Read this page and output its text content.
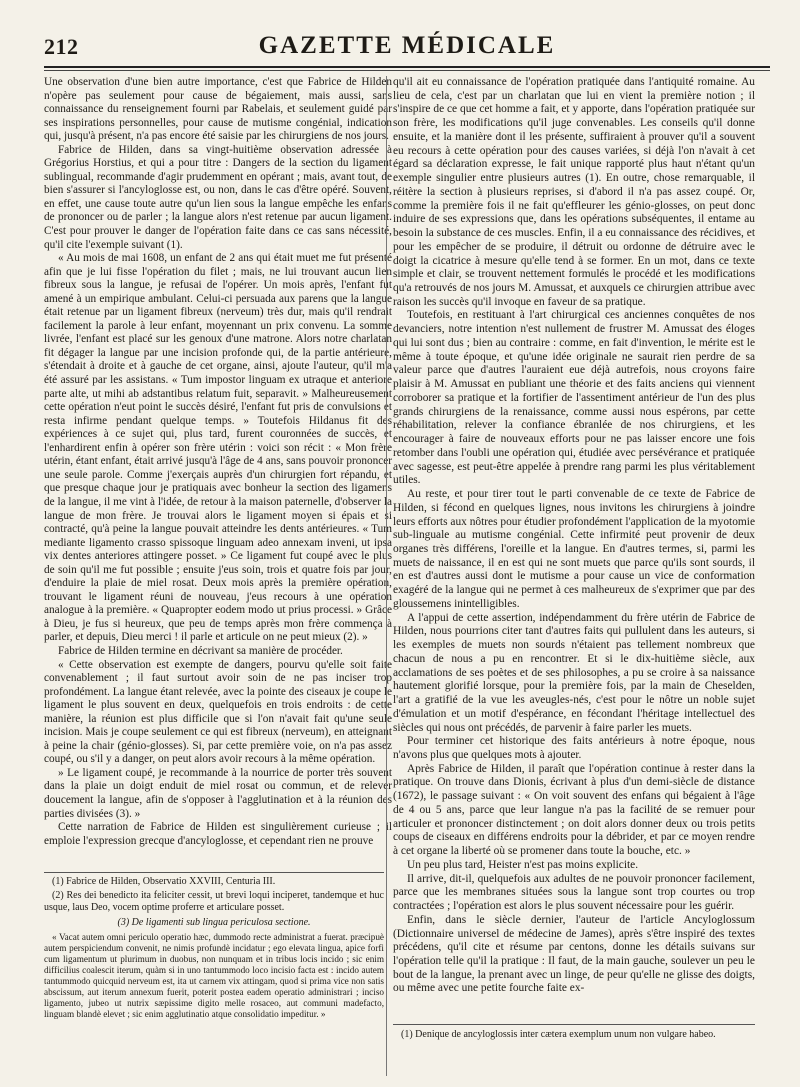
212	GAZETTE MÉDICALE

Une observation d'une bien autre importance, c'est que Fabrice de Hilden n'opère pas seulement pour cause de bégaiement, mais aussi, sans connaissance du renseignement fourni par Rabelais, et seulement guidé par ses inspirations personnelles, pour cause de mutisme congénial, indication qui, jusqu'à présent, n'a pas encore été saisie par les chirurgiens de nos jours.

Fabrice de Hilden, dans sa vingt-huitième observation adressée à Grégorius Horstius, et qui a pour titre : Dangers de la section du ligament sublingual, recommande d'agir prudemment en opérant ; mais, avant tout, de bien s'assurer si l'ancyloglosse est, ou non, dans le cas d'être opéré. Souvent, en effet, une cause toute autre qu'un lien sous la langue empêche les enfans de prononcer ou de parler ; la langue alors n'est retenue par aucun ligament. C'est pour prouver le danger de l'opération faite dans ce cas sans nécessité, qu'il cite l'exemple suivant (1).

« Au mois de mai 1608, un enfant de 2 ans qui était muet me fut présenté afin que je lui fisse l'opération du filet ; mais, ne lui trouvant aucun lien fibreux sous la langue, je refusai de l'opérer. Un mois après, l'enfant fut amené à un empirique ambulant. Celui-ci persuada aux parens que la langue était retenue par un ligament fibreux (nerveum) très dur, mais qu'il rendrait facilement la parole à leur enfant, moyennant un prix convenu. La somme livrée, l'enfant est placé sur les genoux d'une matrone. Alors notre charlatan fit dégager la langue par une incision profonde qui, de la partie antérieure, s'étendait à droite et à gauche de cet organe, ainsi, ajoute l'auteur, qu'il m'a été assuré par les assistans. « Tum impostor linguam ex utraque et anteriore parte alte, ut mihi ab adstantibus relatum fuit, separavit. » Malheureusement cette opération n'eut point le succès désiré, l'enfant fut pris de convulsions et resta infirme pendant quelque temps. » Toutefois Hildanus fit des expériences à ce sujet qui, plus tard, furent couronnées de succès, et l'enhardirent enfin à opérer son frère utérin : voici son récit : « Mon frère utérin, étant enfant, était arrivé jusqu'à l'âge de 4 ans, sans pouvoir prononcer une seule parole. Comme j'exerçais auprès d'un chirurgien fort répandu, et que presque chaque jour je pratiquais avec bonheur la section des ligamens de la langue, il me vint à l'idée, de retour à la maison paternelle, d'observer la langue de mon frère. Je trouvai alors le ligament moyen si épais et si contracté, qu'à peine la langue pouvait atteindre les dents antérieures. « Tum mediante ligamento crasso spissoque linguam adeo annexam inveni, ut ipsa vix dentes anteriores attingere posset. » Ce ligament fut coupé avec le plus de soin qu'il me fut possible ; ensuite j'eus soin, trois et quatre fois par jour, d'enduire la plaie de miel rosat. Deux mois après la première opération, trouvant le ligament réuni de nouveau, j'eus recours à une opération analogue à la première. « Quapropter eodem modo ut prius processi. » Grâce à Dieu, je fus si heureux, que peu de temps après mon frère commença à parler, et depuis, Dieu merci ! il parle et articule on ne peut mieux (2). »

Fabrice de Hilden termine en décrivant sa manière de procéder.

« Cette observation est exempte de dangers, pourvu qu'elle soit faite convenablement ; il faut surtout avoir soin de ne pas inciser trop profondément. La langue étant relevée, avec la pointe des ciseaux je coupe le ligament le plus souvent en deux, quelquefois en trois endroits : de cette manière, la réunion est plus difficile que si l'on n'avait fait qu'une seule incision. Mais je coupe seulement ce qui est fibreux (nerveum), en atteignant à peine la chair (génio-glosses). Si, par cette première voie, on n'a pas assez coupé, ou s'il y a danger, on peut alors avoir recours à la même opération.

» Le ligament coupé, je recommande à la nourrice de porter très souvent dans la plaie un doigt enduit de miel rosat ou commun, et de relever doucement la langue, afin de s'opposer à l'agglutination et à la réunion des parties divisées (3). »

Cette narration de Fabrice de Hilden est singulièrement curieuse ; il emploie l'expression grecque d'ancyloglosse, et cependant rien ne prouve

(1) Fabrice de Hilden, Observatio XXVIII, Centuria III.

(2) Res dei benedicto ita feliciter cessit, ut brevi loqui inciperet, tandemque et huc usque, laus Deo, vocem optime proferre et articulare posset.

(3) De ligamenti sub lingua periculosa sectione.

« Vacat autem omni periculo operatio hæc, dummodo recte administrat a fuerat. præcipuè autem perspiciendum convenit, ne nimis profundè incidatur ; ego elevata lingua, apice forfi cum ligamentum ut plurimum in duobus, non nunquam et in tribus locis incido ; sic enim difficilius coalescit iterum, quàm si in uno tantummodo loco incisio facta est : incido autem tantummodo quicquid nerveum est, ita ut carnem vix attingam, quod si prima vice non satis abscissum, aut iterum annexum fuerit, poterit postea eadem operatio administrari ; inciso ligamento, jubeo ut nutrix sæpissime digito melle rosaceo, aut communi madefacto, linguam blandè elevet ; sic enim agglutinatio atque consolidatio impeditur. »

qu'il ait eu connaissance de l'opération pratiquée dans l'antiquité romaine. Au lieu de cela, c'est par un charlatan que lui en vient la première notion ; il s'inspire de ce que cet homme a fait, et y apporte, dans l'opération pratiquée sur son frère, les modifications qu'il juge convenables. Les conseils qu'il donne ensuite, et la manière dont il les présente, suffiraient à prouver qu'il a souvent eu recours à cette opération pour des causes variées, si déjà l'on n'avait à cet égard sa déclaration expresse, le fait unique rapporté plus haut n'étant qu'un exemple singulier entre plusieurs autres (1). En outre, chose remarquable, il réitère la section à plusieurs reprises, si d'abord il n'a pas assez coupé. Or, comme la première fois il ne fait qu'effleurer les génio-glosses, on peut donc induire de ses expressions que, dans les opérations subséquentes, il entame au besoin la substance de ces muscles. Enfin, il a eu connaissance des récidives, et pour les empêcher de se produire, il détruit ou ordonne de détruire avec le doigt la cicatrice à mesure qu'elle tend à se former. En un mot, dans ce texte simple et clair, se trouvent nettement formulés le procédé et les modifications qu'a retrouvés de nos jours M. Amussat, et auxquels ce chirurgien attribue avec raison les succès qu'il invoque en faveur de sa pratique.

Toutefois, en restituant à l'art chirurgical ces anciennes conquêtes de nos devanciers, notre intention n'est nullement de frustrer M. Amussat des éloges qui lui sont dus ; bien au contraire : comme, en fait d'invention, le mérite est le même à toute époque, et qu'une idée originale ne saurait rien perdre de sa valeur parce que d'autres l'auraient eue déjà autrefois, nous croyons faire plaisir à M. Amussat en publiant une théorie et des faits anciens qui viennent corroborer sa pratique et la fortifier de l'assentiment antérieur de l'un des plus grands chirurgiens de la renaissance, comme aussi nous espérons, par cette réhabilitation, relever la confiance ébranlée de nos chirurgiens, et les encourager à faire de nouveaux efforts pour ne pas laisser encore une fois retomber dans l'oubli une opération qui, étudiée avec persévérance et pratiquée avec sagesse, est peut-être appelée à prendre rang parmi les plus véritablement utiles.

Au reste, et pour tirer tout le parti convenable de ce texte de Fabrice de Hilden, si fécond en quelques lignes, nous invitons les chirurgiens à joindre leurs efforts aux nôtres pour étudier profondément l'application de la myotomie sub-linguale au mutisme congénial. Cette infirmité peut provenir de deux organes très différens, l'oreille et la langue. En d'autres termes, si, parmi les muets de naissance, il en est qui ne sont muets que parce qu'ils sont sourds, il en est d'autres aussi dont le mutisme a pour cause un vice de conformation exagéré de la langue qui ne permet à ces malheureux de s'exprimer que par des gloussemens inintelligibles.

A l'appui de cette assertion, indépendamment du frère utérin de Fabrice de Hilden, nous pourrions citer tant d'autres faits qui pullulent dans les auteurs, si les exemples de muets non sourds n'étaient pas tellement nombreux que chacun de nous a pu en rencontrer. Et si le dix-huitième siècle, aux acclamations de ses poètes et de ses philosophes, a pu se croire à sa naissance hautement glorifié lorsque, pour la première fois, par la main de Cheselden, l'art a gratifié de la vue les aveugles-nés, c'est pour le nôtre un noble sujet d'émulation et un motif d'espérance, en fécondant l'héritage intellectuel des siècles qui nous ont précédés, de parvenir à faire parler les muets.

Pour terminer cet historique des faits antérieurs à notre époque, nous n'avons plus que quelques mots à ajouter.

Après Fabrice de Hilden, il paraît que l'opération continue à rester dans la pratique. On trouve dans Dionis, écrivant à plus d'un demi-siècle de distance (1672), le passage suivant : « On voit souvent des enfans qui bégaient à l'âge de 4 ou 5 ans, parce que leur langue n'a pas la facilité de se remuer pour articuler et prononcer distinctement ; on doit alors donner deux ou trois petits coups de ciseaux en différens endroits pour la débrider, et par ce moyen rendre à cet organe la liberté où se promener dans toute la bouche, etc. »

Un peu plus tard, Heister n'est pas moins explicite.

Il arrive, dit-il, quelquefois aux adultes de ne pouvoir prononcer facilement, parce que les membranes situées sous la langue sont trop courtes ou trop contractées ; l'opération est alors le plus souvent nécessaire pour les guérir.

Enfin, dans le siècle dernier, l'auteur de l'article Ancyloglossum (Dictionnaire universel de médecine de James), après s'être inspiré des textes précédens, qu'il cite et résume par centons, donne les détails suivans sur l'opération telle qu'il la pratique : Il faut, de la main gauche, soulever un peu le bout de la langue, la prenant avec un linge, de peur qu'elle ne glisse des doigts, ou même avec une petite fourche faite ex-

(1) Denique de ancyloglossis inter cætera exemplum unum non vulgare habeo.
